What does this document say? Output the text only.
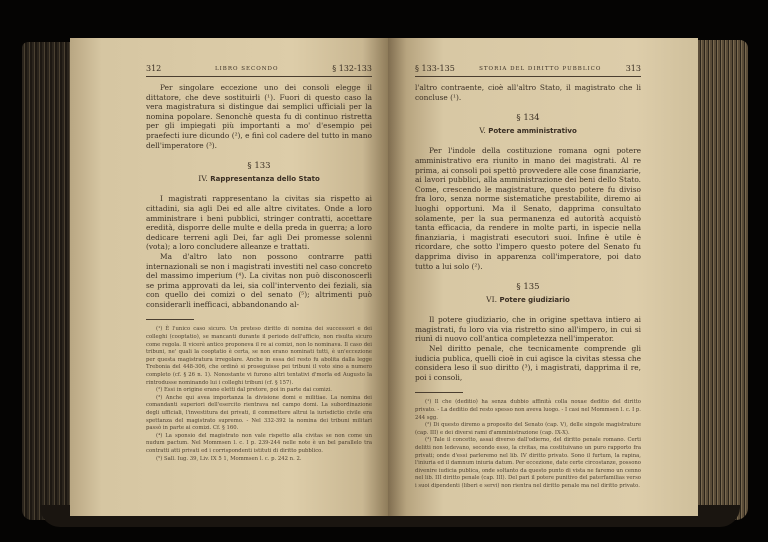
312	LIBRO SECONDO	§ 132-133

Per singolare eccezione uno dei consoli elegge il dittatore, che deve sostituirli (¹). Fuori di questo caso la vera magistratura si distingue dai semplici ufficiali per la nomina popolare. Senonchè questa fu di continuo ristretta per gli impiegati più importanti a mo' d'esempio pei praefecti iure dicundo (²), e finì col cadere del tutto in mano dell'imperatore (³).

§ 133
IV. Rappresentanza dello Stato

I magistrati rappresentano la civitas sia rispetto ai cittadini, sia agli Dei ed alle altre civitates. Onde a loro amministrare i beni pubblici, stringer contratti, accettare eredità, disporre delle multe e della preda in guerra; a loro dedicare terreni agli Dei, far agli Dei promesse solenni (vota); a loro concludere alleanze e trattati.

Ma d'altro lato non possono contrarre patti internazionali se non i magistrati investiti nel caso concreto del massimo imperium (⁴). La civitas non può disconoscerli se prima approvati da lei, sia coll'intervento dei feziali, sia con quello dei comizi o del senato (⁵); altrimenti può considerarli inefficaci, abbandonando al-

(¹) È l'unico caso sicuro. Un preteso diritto di nomina dei successori e dei colleghi (cooptatio), se mancanti durante il periodo dell'ufficio, non risulta sicuro come regola. Il vicerè antico proponeva il re ai comizi, non lo nominava. Il caso dei tribuni, ne' quali la cooptatio è certa, se non erano nominati tutti, è un'eccezione per questa magistratura irregolare. Anche in essa del resto fu abolita dalla legge Trebonia del 448-306, che ordinò si proseguisse pei tribuni il voto sino a numero completo (cf. § 26 n. 1). Nonostante vi furono altri tentativi d'morla ed Augusto la rintrodusse nominando lui i colleghi tribuni (cf. § 157).

(²) Essi in origine erano eletti dal pretore, poi in parte dai comizi.

(³) Anche qui avea importanza la divisione domi e militiae. La nomina dei comandanti superiori dell'esercito rientrava nel campo domi. La subordinazione degli ufficiali, l'investitura dei privati, il commettere altrui la iurisdictio civile era spettanza del magistrato supremo. - Nel 332-392 la nomina dei tribuni militari passò in parte ai comizi. Cf. § 160.

(⁴) La sponsio del magistrato non vale rispetto alla civitas se non come un nudum pactum. Nel Mommsen l. c. I p. 239-244 nelle note è un bel parallelo tra contratti atti privati ed i corrispondenti istituti di diritto pubblico.

(⁵) Sall. Iug. 39, Liv. IX 5 1, Mommsen l. c. p. 242 n. 2.

§ 133-135	STORIA DEL DIRITTO PUBBLICO	313

l'altro contraente, cioè all'altro Stato, il magistrato che li concluse (¹).

§ 134
V. Potere amministrativo

Per l'indole della costituzione romana ogni potere amministrativo era riunito in mano dei magistrati. Al re prima, ai consoli poi spettò provvedere alle cose finanziarie, ai lavori pubblici, alla amministrazione dei beni dello Stato. Come, crescendo le magistrature, questo potere fu diviso fra loro, senza norme sistematiche prestabilite, diremo ai luoghi opportuni. Ma il Senato, dapprima consultato solamente, per la sua permanenza ed autorità acquistò tanta efficacia, da rendere in molte parti, in ispecie nella finanziaria, i magistrati esecutori suoi. Infine è utile è ricordare, che sotto l'impero questo potere del Senato fu dapprima diviso in apparenza coll'imperatore, poi dato tutto a lui solo (²).

§ 135
VI. Potere giudiziario

Il potere giudiziario, che in origine spettava intiero ai magistrati, fu loro via via ristretto sino all'impero, in cui si riunì di nuovo coll'antica completezza nell'imperator.

Nel diritto penale, che tecnicamente comprende gli iudicia publica, quelli cioè in cui agisce la civitas stessa che considera leso il suo diritto (³), i magistrati, dapprima il re, poi i consoli,

(¹) Il che (deditio) ha senza dubbio affinità colla noxae deditio del diritto privato. - La deditio del resto spesso non aveva luogo. - I casi nel Mommsen l. c. I p. 244 sgg.

(²) Di questo diremo a proposito del Senato (cap. V), delle singole magistrature (cap. III) e dei diversi rami d'amministrazione (cap. IX-X).

(³) Tale il concetto, assai diverso dall'odierno, del diritto penale romano. Certi delitti non ledevano, secondo esso, la civitas, ma costituivano un puro rapporto fra privati; onde d'essi parleremo nel lib. IV diritto privato. Sono il furtum, la rapina, l'iniuria ed il damnum iniuria datum. Per eccezione, date certe circostanze, possono divenire iudicia publica, onde soltanto da questo punto di vista ne faremo un cenno nel lib. III diritto penale (cap. III). Del pari il potere punitivo del paterfamilias verso i suoi dipendenti (liberi e servi) non rientra nel diritto penale ma nel diritto privato.
